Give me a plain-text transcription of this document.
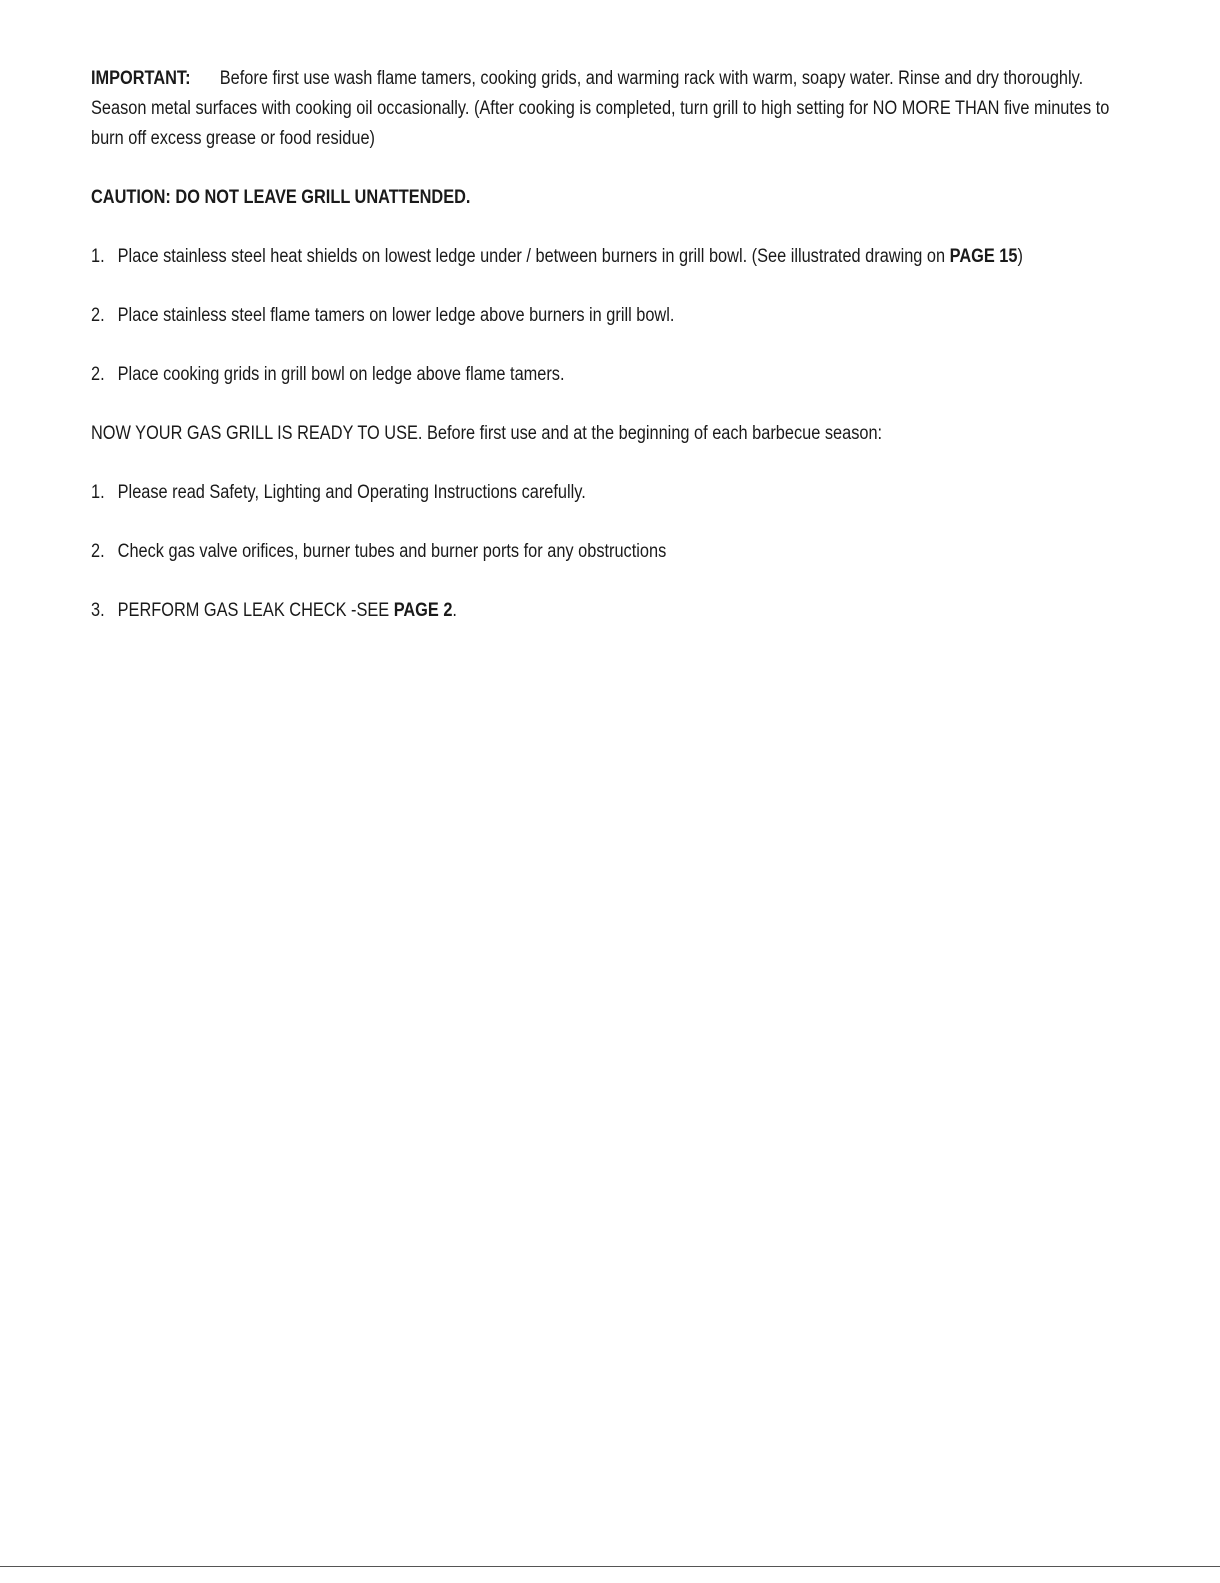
IMPORTANT: Before first use wash flame tamers, cooking grids, and warming rack with warm, soapy water. Rinse and dry thoroughly. Season metal surfaces with cooking oil occasionally. (After cooking is completed, turn grill to high setting for NO MORE THAN five minutes to burn off excess grease or food residue)

CAUTION: DO NOT LEAVE GRILL UNATTENDED.

1. Place stainless steel heat shields on lowest ledge under / between burners in grill bowl. (See illustrated drawing on PAGE 15)

2. Place stainless steel flame tamers on lower ledge above burners in grill bowl.

2. Place cooking grids in grill bowl on ledge above flame tamers.

NOW YOUR GAS GRILL IS READY TO USE. Before first use and at the beginning of each barbecue season:

1. Please read Safety, Lighting and Operating Instructions carefully.

2. Check gas valve orifices, burner tubes and burner ports for any obstructions

3. PERFORM GAS LEAK CHECK -SEE PAGE 2.
